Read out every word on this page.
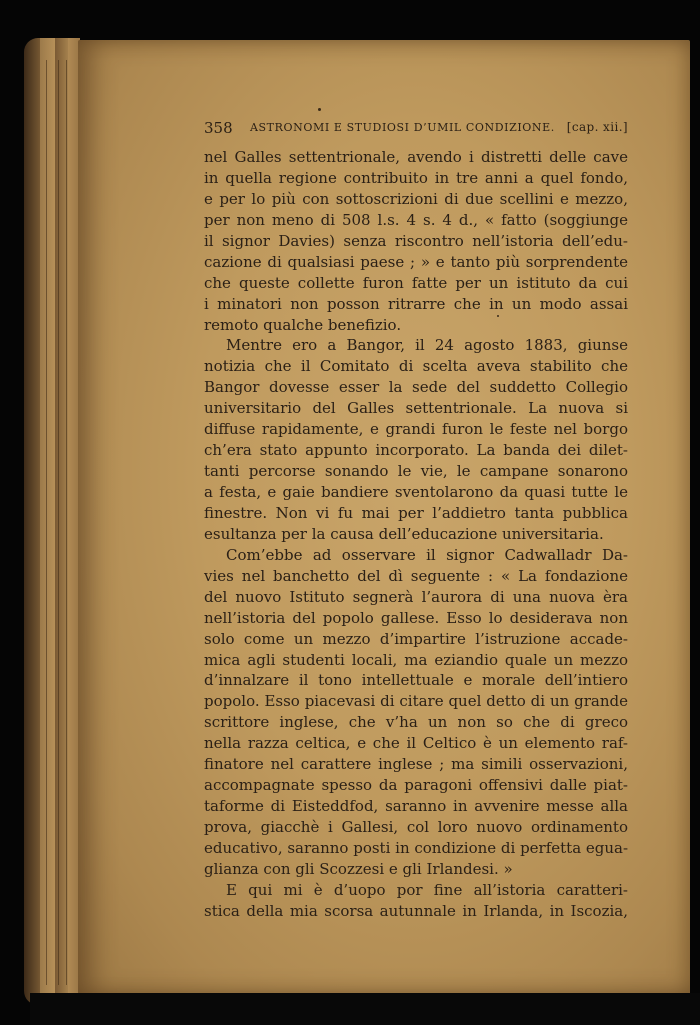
358 ASTRONOMI E STUDIOSI D’UMIL CONDIZIONE. [cap. xii.]
nel Galles settentrionale, avendo i distretti delle cave
in quella regione contribuito in tre anni a quel fondo,
e per lo più con sottoscrizioni di due scellini e mezzo,
per non meno di 508 l.s. 4 s. 4 d., « fatto (soggiunge
il signor Davies) senza riscontro nell’istoria dell’edu-
cazione di qualsiasi paese ; » e tanto più sorprendente
che queste collette furon fatte per un istituto da cui
i minatori non posson ritrarre che in un modo assai
remoto qualche benefizio.
Mentre ero a Bangor, il 24 agosto 1883, giunse
notizia che il Comitato di scelta aveva stabilito che
Bangor dovesse esser la sede del suddetto Collegio
universitario del Galles settentrionale. La nuova si
diffuse rapidamente, e grandi furon le feste nel borgo
ch’era stato appunto incorporato. La banda dei dilet-
tanti percorse sonando le vie, le campane sonarono
a festa, e gaie bandiere sventolarono da quasi tutte le
finestre. Non vi fu mai per l’addietro tanta pubblica
esultanza per la causa dell’educazione universitaria.
Com’ebbe ad osservare il signor Cadwalladr Da-
vies nel banchetto del dì seguente : « La fondazione
del nuovo Istituto segnerà l’aurora di una nuova èra
nell’istoria del popolo gallese. Esso lo desiderava non
solo come un mezzo d’impartire l’istruzione accade-
mica agli studenti locali, ma eziandio quale un mezzo
d’innalzare il tono intellettuale e morale dell’intiero
popolo. Esso piacevasi di citare quel detto di un grande
scrittore inglese, che v’ha un non so che di greco
nella razza celtica, e che il Celtico è un elemento raf-
finatore nel carattere inglese ; ma simili osservazioni,
accompagnate spesso da paragoni offensivi dalle piat-
taforme di Eisteddfod, saranno in avvenire messe alla
prova, giacchè i Gallesi, col loro nuovo ordinamento
educativo, saranno posti in condizione di perfetta egua-
glianza con gli Scozzesi e gli Irlandesi. »
E qui mi è d’uopo por fine all’istoria caratteri-
stica della mia scorsa autunnale in Irlanda, in Iscozia,
